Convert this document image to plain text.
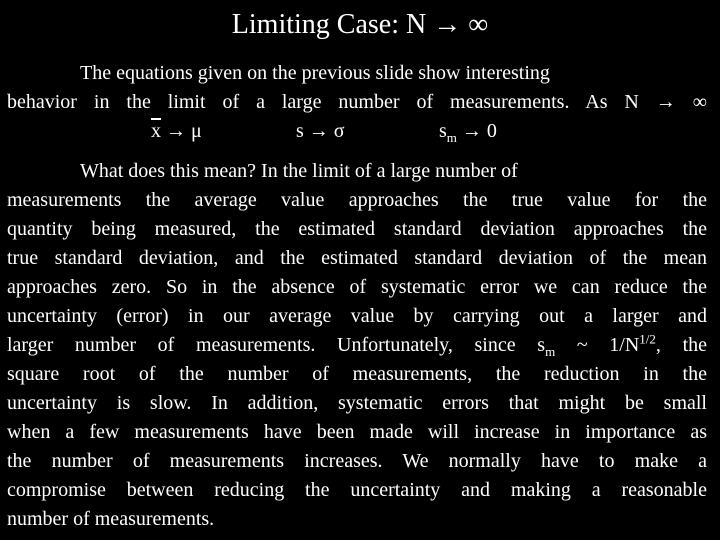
Limiting Case: N → ∞
The equations given on the previous slide show interesting
behavior in the limit of a large number of measurements. As N → ∞
$\overline{x} \to \mu$	s → σ	$s_m \to 0$
What does this mean? In the limit of a large number of
measurements the average value approaches the true value for the
quantity being measured, the estimated standard deviation approaches the
true standard deviation, and the estimated standard deviation of the mean
approaches zero. So in the absence of systematic error we can reduce the
uncertainty (error) in our average value by carrying out a larger and
larger number of measurements. Unfortunately, since $s_m$ ~ $1/N^{1/2}$, the
square root of the number of measurements, the reduction in the
uncertainty is slow. In addition, systematic errors that might be small
when a few measurements have been made will increase in importance as
the number of measurements increases. We normally have to make a
compromise between reducing the uncertainty and making a reasonable
number of measurements.
